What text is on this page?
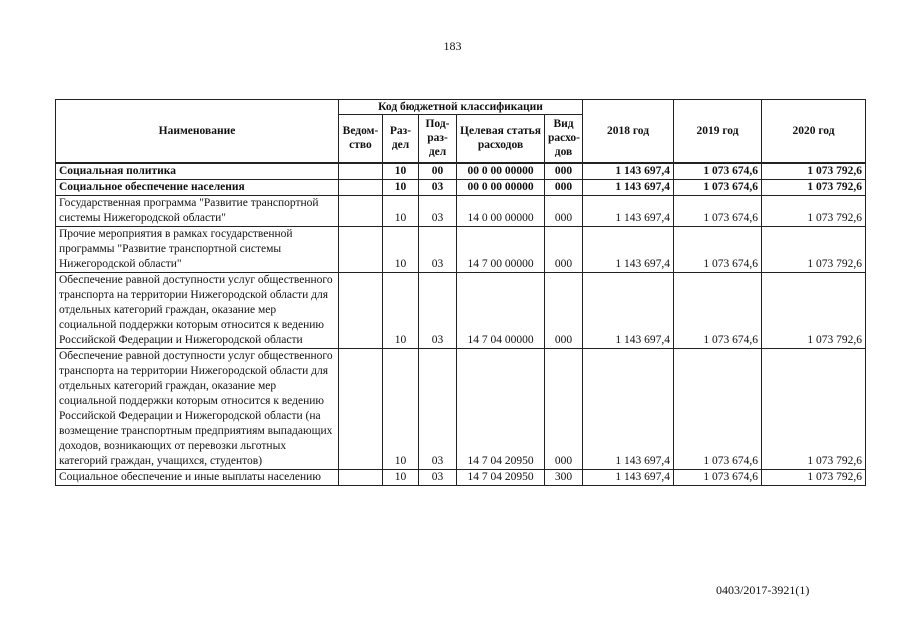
183
Наименование	Код бюджетной классификации					2018 год	2019 год	2020 год
	Ведом-ство	Раз-дел	Под-раз-дел	Целевая статья расходов	Вид расхо-дов			
Социальная политика		10	00	00 0 00 00000	000	1 143 697,4	1 073 674,6	1 073 792,6
Социальное обеспечение населения		10	03	00 0 00 00000	000	1 143 697,4	1 073 674,6	1 073 792,6
Государственная программа "Развитие транспортной системы Нижегородской области"		10	03	14 0 00 00000	000	1 143 697,4	1 073 674,6	1 073 792,6
Прочие мероприятия в рамках государственной программы "Развитие транспортной системы Нижегородской области"		10	03	14 7 00 00000	000	1 143 697,4	1 073 674,6	1 073 792,6
Обеспечение равной доступности услуг общественного транспорта на территории Нижегородской области для отдельных категорий граждан, оказание мер социальной поддержки которым относится к ведению Российской Федерации и Нижегородской области		10	03	14 7 04 00000	000	1 143 697,4	1 073 674,6	1 073 792,6
Обеспечение равной доступности услуг общественного транспорта на территории Нижегородской области для отдельных категорий граждан, оказание мер социальной поддержки которым относится к ведению Российской Федерации и Нижегородской области (на возмещение транспортным предприятиям выпадающих доходов, возникающих от перевозки льготных категорий граждан, учащихся, студентов)		10	03	14 7 04 20950	000	1 143 697,4	1 073 674,6	1 073 792,6
Социальное обеспечение и иные выплаты населению		10	03	14 7 04 20950	300	1 143 697,4	1 073 674,6	1 073 792,6
0403/2017-3921(1)
